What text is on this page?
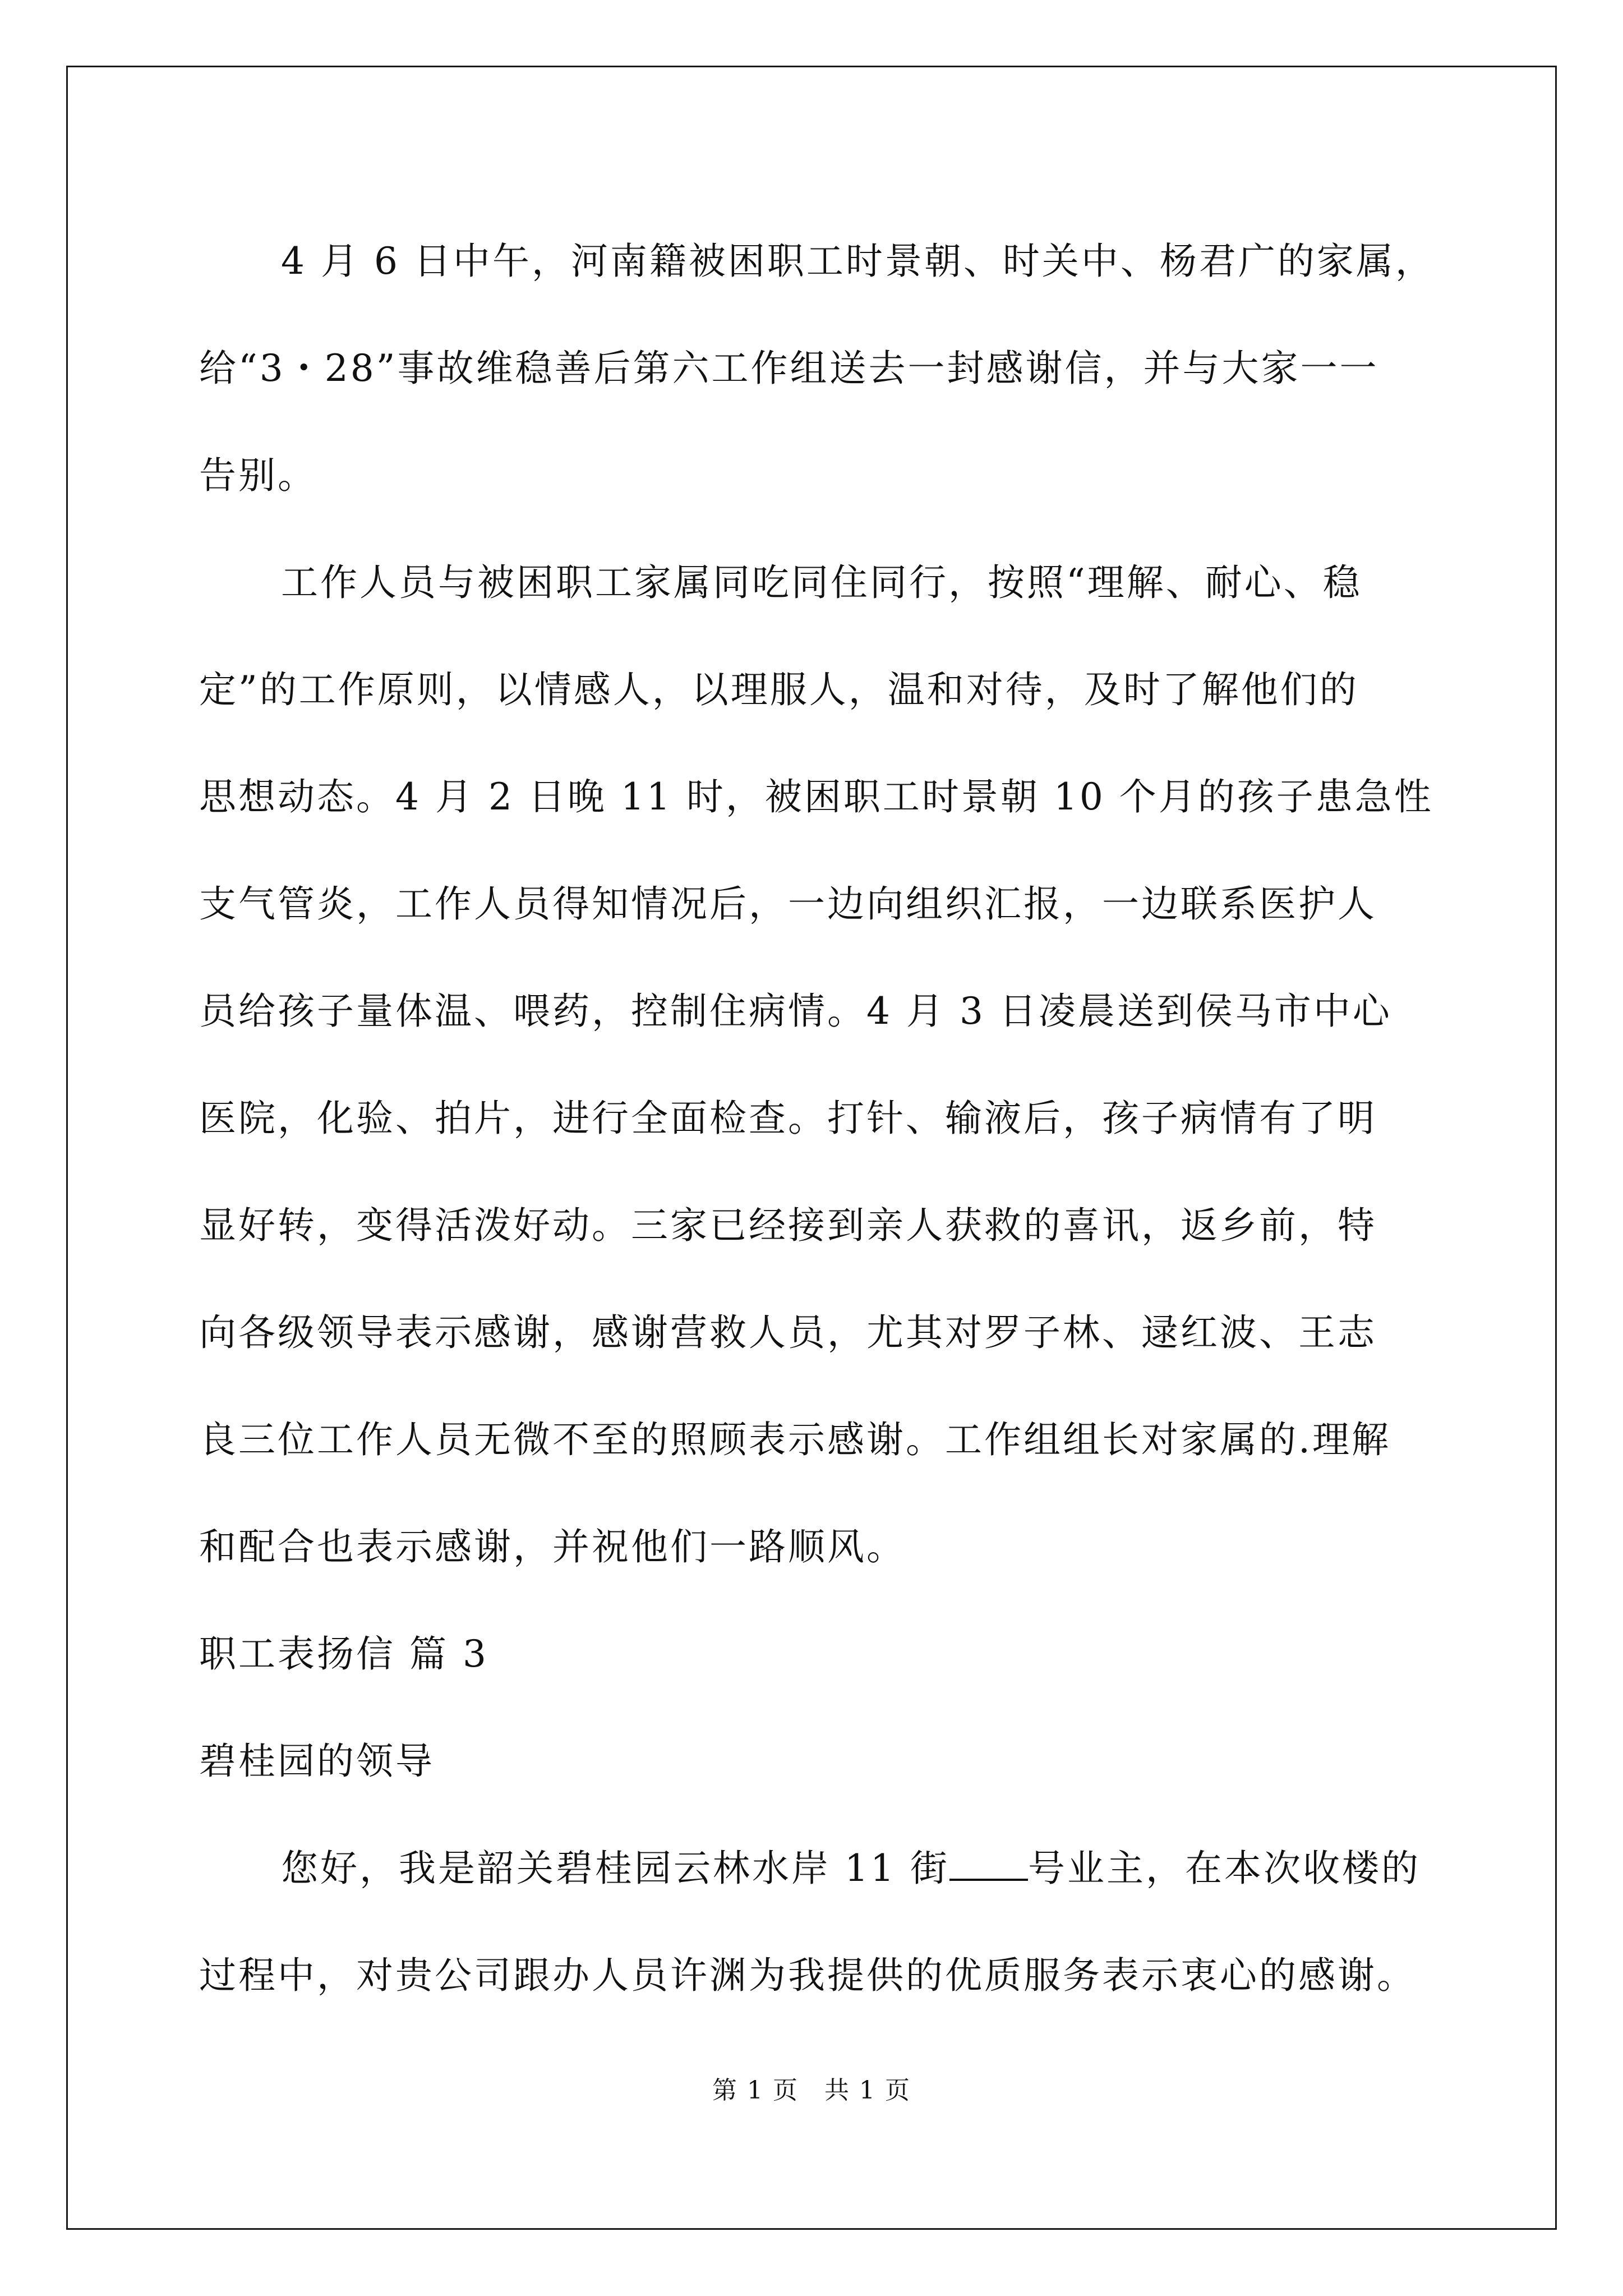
4 月 6 日中午，河南籍被困职工时景朝、时关中、杨君广的家属，
给“3・28”事故维稳善后第六工作组送去一封感谢信，并与大家一一
告别。

工作人员与被困职工家属同吃同住同行，按照“理解、耐心、稳
定”的工作原则，以情感人，以理服人，温和对待，及时了解他们的
思想动态。4 月 2 日晚 11 时，被困职工时景朝 10 个月的孩子患急性
支气管炎，工作人员得知情况后，一边向组织汇报，一边联系医护人
员给孩子量体温、喂药，控制住病情。4 月 3 日凌晨送到侯马市中心
医院，化验、拍片，进行全面检查。打针、输液后，孩子病情有了明
显好转，变得活泼好动。三家已经接到亲人获救的喜讯，返乡前，特
向各级领导表示感谢，感谢营救人员，尤其对罗子林、逯红波、王志
良三位工作人员无微不至的照顾表示感谢。工作组组长对家属的.理解
和配合也表示感谢，并祝他们一路顺风。

职工表扬信 篇 3

碧桂园的领导

您好，我是韶关碧桂园云林水岸 11 街 号业主，在本次收楼的
过程中，对贵公司跟办人员许渊为我提供的优质服务表示衷心的感谢。

第 1 页 共 1 页
